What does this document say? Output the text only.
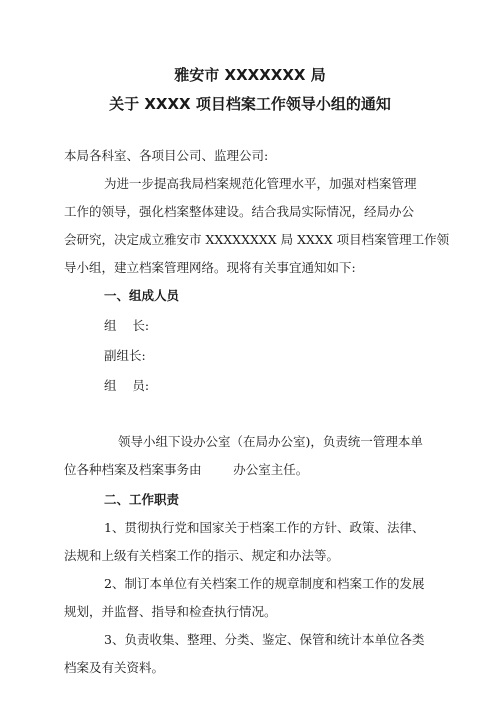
雅安市 XXXXXXX 局
关于 XXXX 项目档案工作领导小组的通知

本局各科室、各项目公司、监理公司:

为进一步提高我局档案规范化管理水平，加强对档案管理

工作的领导，强化档案整体建设。结合我局实际情况，经局办公

会研究，决定成立雅安市 XXXXXXXX 局 XXXX 项目档案管理工作领

导小组，建立档案管理网络。现将有关事宜通知如下:

一、组成人员

组    长:

副组长:

组    员:

领导小组下设办公室（在局办公室)，负责统一管理本单

位各种档案及档案事务由        办公室主任。

二、工作职责

1、贯彻执行党和国家关于档案工作的方针、政策、法律、

法规和上级有关档案工作的指示、规定和办法等。

2、制订本单位有关档案工作的规章制度和档案工作的发展

规划，并监督、指导和检查执行情况。

3、负责收集、整理、分类、鉴定、保管和统计本单位各类

档案及有关资料。
